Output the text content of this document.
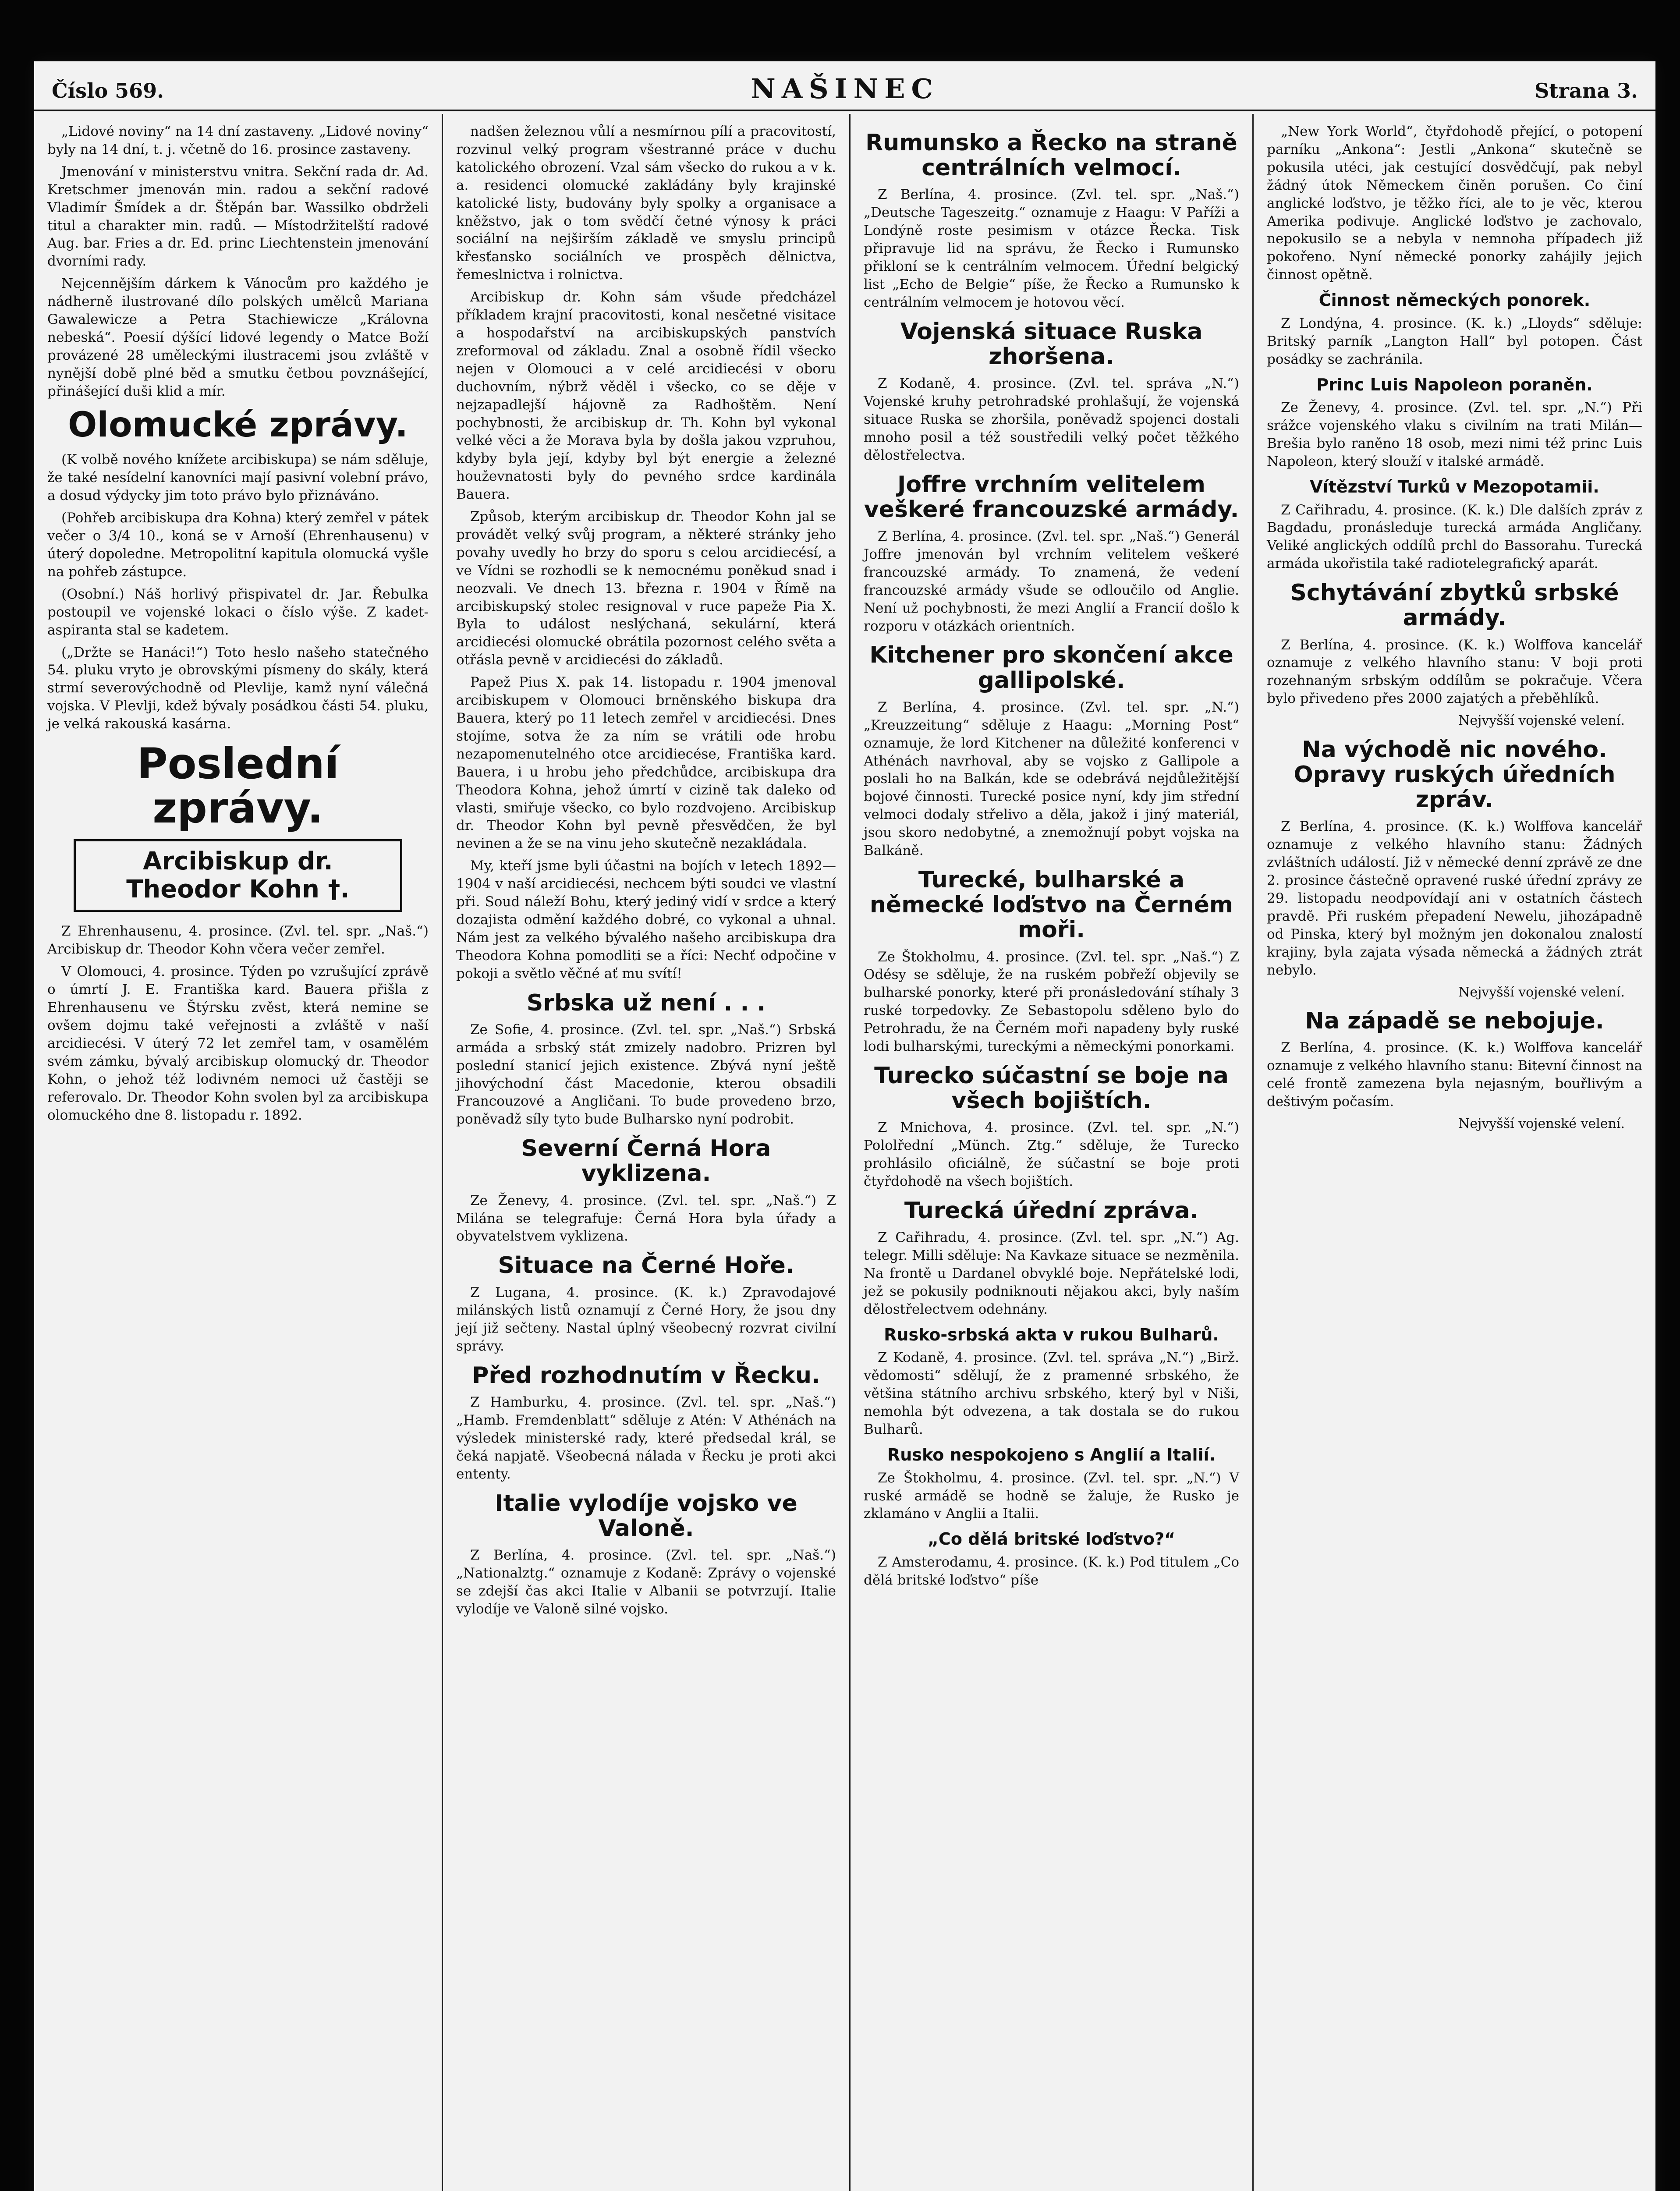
Číslo 569.	NAŠINEC	Strana 3.

„Lidové noviny“ na 14 dní zastaveny. „Lidové noviny“ byly na 14 dní, t. j. včetně do 16. prosince zastaveny.

Jmenování v ministerstvu vnitra. Sekční rada dr. Ad. Kretschmer jmenován min. radou a sekční radové Vladimír Šmídek a dr. Štěpán bar. Wassilko obdrželi titul a charakter min. radů. — Místodržitelští radové Aug. bar. Fries a dr. Ed. princ Liechtenstein jmenování dvorními rady.

Nejcennějším dárkem k Vánocům pro každého je nádherně ilustrované dílo polských umělců Mariana Gawalewicze a Petra Stachiewicze „Královna nebeská“. Poesií dýšící lidové legendy o Matce Boží provázené 28 uměleckými ilustracemi jsou zvláště v nynější době plné běd a smutku četbou povznášející, přinášející duši klid a mír.

Olomucké zprávy.

(K volbě nového knížete arcibiskupa) se nám sděluje, že také nesídelní kanovníci mají pasivní volební právo, a dosud výdycky jim toto právo bylo přiznáváno.

(Pohřeb arcibiskupa dra Kohna) který zemřel v pátek večer o 3/4 10., koná se v Arnoší (Ehrenhausenu) v úterý dopoledne. Metropolitní kapitula olomucká vyšle na pohřeb zástupce.

(Osobní.) Náš horlivý přispivatel dr. Jar. Řebulka postoupil ve vojenské lokaci o číslo výše. Z kadet-aspiranta stal se kadetem.

(„Držte se Hanáci!“) Toto heslo našeho statečného 54. pluku vryto je obrovskými písmeny do skály, která strmí severovýchodně od Plevlije, kamž nyní válečná vojska. V Plevlji, kdež bývaly posádkou části 54. pluku, je velká rakouská kasárna.

Poslední zprávy.
Arcibiskup dr. Theodor Kohn †.

Z Ehrenhausenu, 4. prosince. (Zvl. tel. spr. „Naš.“) Arcibiskup dr. Theodor Kohn včera večer zemřel.

V Olomouci, 4. prosince. Týden po vzrušující zprávě o úmrtí J. E. Františka kard. Bauera přišla z Ehrenhausenu ve Štýrsku zvěst, která nemine se ovšem dojmu také veřejnosti a zvláště v naší arcidiecési. V úterý 72 let zemřel tam, v osamělém svém zámku, bývalý arcibiskup olomucký dr. Theodor Kohn, o jehož též lodivném nemoci už častěji se referovalo. Dr. Theodor Kohn svolen byl za arcibiskupa olomuckého dne 8. listopadu r. 1892.

nadšen železnou vůlí a nesmírnou pílí a pracovitostí, rozvinul velký program všestranné práce v duchu katolického obrození. Vzal sám všecko do rukou a v k. a. residenci olomucké zakládány byly krajinské katolické listy, budovány byly spolky a organisace a kněžstvo, jak o tom svědčí četné výnosy k práci sociální na nejširším základě ve smyslu principů křesťansko sociálních ve prospěch dělnictva, řemeslnictva i rolnictva.

Arcibiskup dr. Kohn sám všude předcházel příkladem krajní pracovitosti, konal nesčetné visitace a hospodařství na arcibiskupských panstvích zreformoval od základu. Znal a osobně řídil všecko nejen v Olomouci a v celé arcidiecési v oboru duchovním, nýbrž věděl i všecko, co se děje v nejzapadlejší hájovně za Radhoštěm. Není pochybnosti, že arcibiskup dr. Th. Kohn byl vykonal velké věci a že Morava byla by došla jakou vzpruhou, kdyby byla její, kdyby byl být energie a železné houževnatosti byly do pevného srdce kardinála Bauera.

Způsob, kterým arcibiskup dr. Theodor Kohn jal se provádět velký svůj program, a některé stránky jeho povahy uvedly ho brzy do sporu s celou arcidiecésí, a ve Vídni se rozhodli se k nemocnému poněkud snad i neozvali. Ve dnech 13. března r. 1904 v Římě na arcibiskupský stolec resignoval v ruce papeže Pia X. Byla to událost neslýchaná, sekulární, která arcidiecési olomucké obrátila pozornost celého světa a otřásla pevně v arcidiecési do základů.

Papež Pius X. pak 14. listopadu r. 1904 jmenoval arcibiskupem v Olomouci brněnského biskupa dra Bauera, který po 11 letech zemřel v arcidiecési. Dnes stojíme, sotva že za ním se vrátili ode hrobu nezapomenutelného otce arcidiecése, Františka kard. Bauera, i u hrobu jeho předchůdce, arcibiskupa dra Theodora Kohna, jehož úmrtí v cizině tak daleko od vlasti, smiřuje všecko, co bylo rozdvojeno. Arcibiskup dr. Theodor Kohn byl pevně přesvědčen, že byl nevinen a že se na vinu jeho skutečně nezakládala.

My, kteří jsme byli účastni na bojích v letech 1892—1904 v naší arcidiecési, nechcem býti soudci ve vlastní při. Soud náleží Bohu, který jediný vidí v srdce a který dozajista odmění každého dobré, co vykonal a uhnal. Nám jest za velkého bývalého našeho arcibiskupa dra Theodora Kohna pomodliti se a říci: Nechť odpočine v pokoji a světlo věčné ať mu svítí!

Srbska už není . . .

Ze Sofie, 4. prosince. (Zvl. tel. spr. „Naš.“) Srbská armáda a srbský stát zmizely nadobro. Prizren byl poslední stanicí jejich existence. Zbývá nyní ještě jihovýchodní část Macedonie, kterou obsadili Francouzové a Angličani. To bude provedeno brzo, poněvadž síly tyto bude Bulharsko nyní podrobit.

Severní Černá Hora vyklizena.

Ze Ženevy, 4. prosince. (Zvl. tel. spr. „Naš.“) Z Milána se telegrafuje: Černá Hora byla úřady a obyvatelstvem vyklizena.

Situace na Černé Hoře.

Z Lugana, 4. prosince. (K. k.) Zpravodajové milánských listů oznamují z Černé Hory, že jsou dny její již sečteny. Nastal úplný všeobecný rozvrat civilní správy.

Před rozhodnutím v Řecku.

Z Hamburku, 4. prosince. (Zvl. tel. spr. „Naš.“) „Hamb. Fremdenblatt“ sděluje z Atén: V Athénách na výsledek ministerské rady, které předsedal král, se čeká napjatě. Všeobecná nálada v Řecku je proti akci ententy.

Italie vylodíje vojsko ve Valoně.

Z Berlína, 4. prosince. (Zvl. tel. spr. „Naš.“) „Nationalztg.“ oznamuje z Kodaně: Zprávy o vojenské se zdejší čas akci Italie v Albanii se potvrzují. Italie vylodíje ve Valoně silné vojsko.

Rumunsko a Řecko na straně centrálních velmocí.

Z Berlína, 4. prosince. (Zvl. tel. spr. „Naš.“) „Deutsche Tageszeitg.“ oznamuje z Haagu: V Paříži a Londýně roste pesimism v otázce Řecka. Tisk připravuje lid na správu, že Řecko i Rumunsko přikloní se k centrálním velmocem. Úřední belgický list „Echo de Belgie“ píše, že Řecko a Rumunsko k centrálním velmocem je hotovou věcí.

Vojenská situace Ruska zhoršena.

Z Kodaně, 4. prosince. (Zvl. tel. správa „N.“) Vojenské kruhy petrohradské prohlašují, že vojenská situace Ruska se zhoršila, poněvadž spojenci dostali mnoho posil a též soustředili velký počet těžkého dělostřelectva.

Joffre vrchním velitelem veškeré francouzské armády.

Z Berlína, 4. prosince. (Zvl. tel. spr. „Naš.“) Generál Joffre jmenován byl vrchním velitelem veškeré francouzské armády. To znamená, že vedení francouzské armády všude se odloučilo od Anglie. Není už pochybnosti, že mezi Anglií a Francií došlo k rozporu v otázkách orientních.

Kitchener pro skončení akce gallipolské.

Z Berlína, 4. prosince. (Zvl. tel. spr. „N.“) „Kreuzzeitung“ sděluje z Haagu: „Morning Post“ oznamuje, že lord Kitchener na důležité konferenci v Athénách navrhoval, aby se vojsko z Gallipole a poslali ho na Balkán, kde se odebrává nejdůležitější bojové činnosti. Turecké posice nyní, kdy jim střední velmoci dodaly střelivo a děla, jakož i jiný materiál, jsou skoro nedobytné, a znemožnují pobyt vojska na Balkáně.

Turecké, bulharské a německé loďstvo na Černém moři.

Ze Štokholmu, 4. prosince. (Zvl. tel. spr. „Naš.“) Z Odésy se sděluje, že na ruském pobřeží objevily se bulharské ponorky, které při pronásledování stíhaly 3 ruské torpedovky. Ze Sebastopolu sděleno bylo do Petrohradu, že na Černém moři napadeny byly ruské lodi bulharskými, tureckými a německými ponorkami.

Turecko súčastní se boje na všech bojištích.

Z Mnichova, 4. prosince. (Zvl. tel. spr. „N.“) Pololřední „Münch. Ztg.“ sděluje, že Turecko prohlásilo oficiálně, že súčastní se boje proti čtyřdohodě na všech bojištích.

Turecká úřední zpráva.

Z Cařihradu, 4. prosince. (Zvl. tel. spr. „N.“) Ag. telegr. Milli sděluje: Na Kavkaze situace se nezměnila. Na frontě u Dardanel obvyklé boje. Nepřátelské lodi, jež se pokusily podniknouti nějakou akci, byly naším dělostřelectvem odehnány.

Rusko-srbská akta v rukou Bulharů.

Z Kodaně, 4. prosince. (Zvl. tel. správa „N.“) „Birž. vědomosti“ sdělují, že z pramenné srbského, že většina státního archivu srbského, který byl v Niši, nemohla být odvezena, a tak dostala se do rukou Bulharů.

Rusko nespokojeno s Anglií a Italií.

Ze Štokholmu, 4. prosince. (Zvl. tel. spr. „N.“) V ruské armádě se hodně se žaluje, že Rusko je zklamáno v Anglii a Italii.

„Co dělá britské loďstvo?“

Z Amsterodamu, 4. prosince. (K. k.) Pod titulem „Co dělá britské loďstvo“ píše

„New York World“, čtyřdohodě přející, o potopení parníku „Ankona“: Jestli „Ankona“ skutečně se pokusila utéci, jak cestující dosvědčují, pak nebyl žádný útok Německem činěn porušen. Co činí anglické loďstvo, je těžko říci, ale to je věc, kterou Amerika podivuje. Anglické loďstvo je zachovalo, nepokusilo se a nebyla v nemnoha případech již pokořeno. Nyní německé ponorky zahájily jejich činnost opětně.

Činnost německých ponorek.

Z Londýna, 4. prosince. (K. k.) „Lloyds“ sděluje: Britský parník „Langton Hall“ byl potopen. Část posádky se zachránila.

Princ Luis Napoleon poraněn.

Ze Ženevy, 4. prosince. (Zvl. tel. spr. „N.“) Při srážce vojenského vlaku s civilním na trati Milán—Brešia bylo raněno 18 osob, mezi nimi též princ Luis Napoleon, který slouží v italské armádě.

Vítězství Turků v Mezopotamii.

Z Cařihradu, 4. prosince. (K. k.) Dle dalších zpráv z Bagdadu, pronásleduje turecká armáda Angličany. Veliké anglických oddílů prchl do Bassorahu. Turecká armáda ukořistila také radiotelegrafický aparát.

Schytávání zbytků srbské armády.

Z Berlína, 4. prosince. (K. k.) Wolffova kancelář oznamuje z velkého hlavního stanu: V boji proti rozehnaným srbským oddílům se pokračuje. Včera bylo přivedeno přes 2000 zajatých a přeběhlíků.

Nejvyšší vojenské velení.
Na východě nic nového. Opravy ruských úředních zpráv.

Z Berlína, 4. prosince. (K. k.) Wolffova kancelář oznamuje z velkého hlavního stanu: Žádných zvláštních událostí. Již v německé denní zprávě ze dne 2. prosince částečně opravené ruské úřední zprávy ze 29. listopadu neodpovídají ani v ostatních částech pravdě. Při ruském přepadení Newelu, jihozápadně od Pinska, který byl možným jen dokonalou znalostí krajiny, byla zajata výsada německá a žádných ztrát nebylo.

Nejvyšší vojenské velení.
Na západě se nebojuje.

Z Berlína, 4. prosince. (K. k.) Wolffova kancelář oznamuje z velkého hlavního stanu: Bitevní činnost na celé frontě zamezena byla nejasným, bouřlivým a deštivým počasím.

Nejvyšší vojenské velení.
